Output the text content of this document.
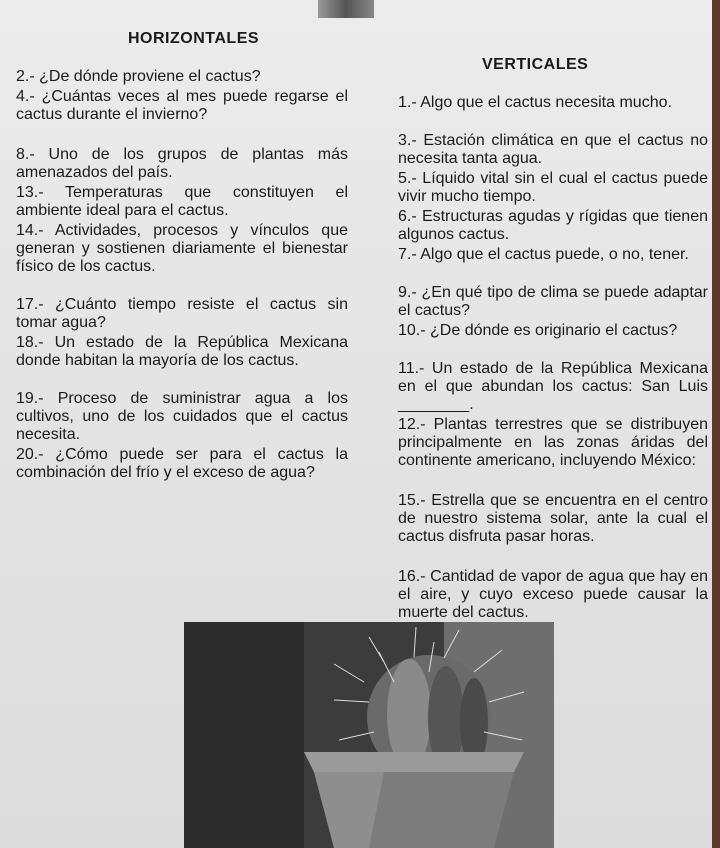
HORIZONTALES
VERTICALES
2.- ¿De dónde proviene el cactus?
4.- ¿Cuántas veces al mes puede regarse el cactus durante el invierno?
8.- Uno de los grupos de plantas más amenazados del país.
13.- Temperaturas que constituyen el ambiente ideal para el cactus.
14.- Actividades, procesos y vínculos que generan y sostienen diariamente el bienestar físico de los cactus.
17.- ¿Cuánto tiempo resiste el cactus sin tomar agua?
18.- Un estado de la República Mexicana donde habitan la mayoría de los cactus.
19.- Proceso de suministrar agua a los cultivos, uno de los cuidados que el cactus necesita.
20.- ¿Cómo puede ser para el cactus la combinación del frío y el exceso de agua?
1.- Algo que el cactus necesita mucho.
3.- Estación climática en que el cactus no necesita tanta agua.
5.- Líquido vital sin el cual el cactus puede vivir mucho tiempo.
6.- Estructuras agudas y rígidas que tienen algunos cactus.
7.- Algo que el cactus puede, o no, tener.
9.- ¿En qué tipo de clima se puede adaptar el cactus?
10.- ¿De dónde es originario el cactus?
11.- Un estado de la República Mexicana en el que abundan los cactus: San Luis ________.
12.- Plantas terrestres que se distribuyen principalmente en las zonas áridas del continente americano, incluyendo México:
15.- Estrella que se encuentra en el centro de nuestro sistema solar, ante la cual el cactus disfruta pasar horas.
16.- Cantidad de vapor de agua que hay en el aire, y cuyo exceso puede causar la muerte del cactus.
